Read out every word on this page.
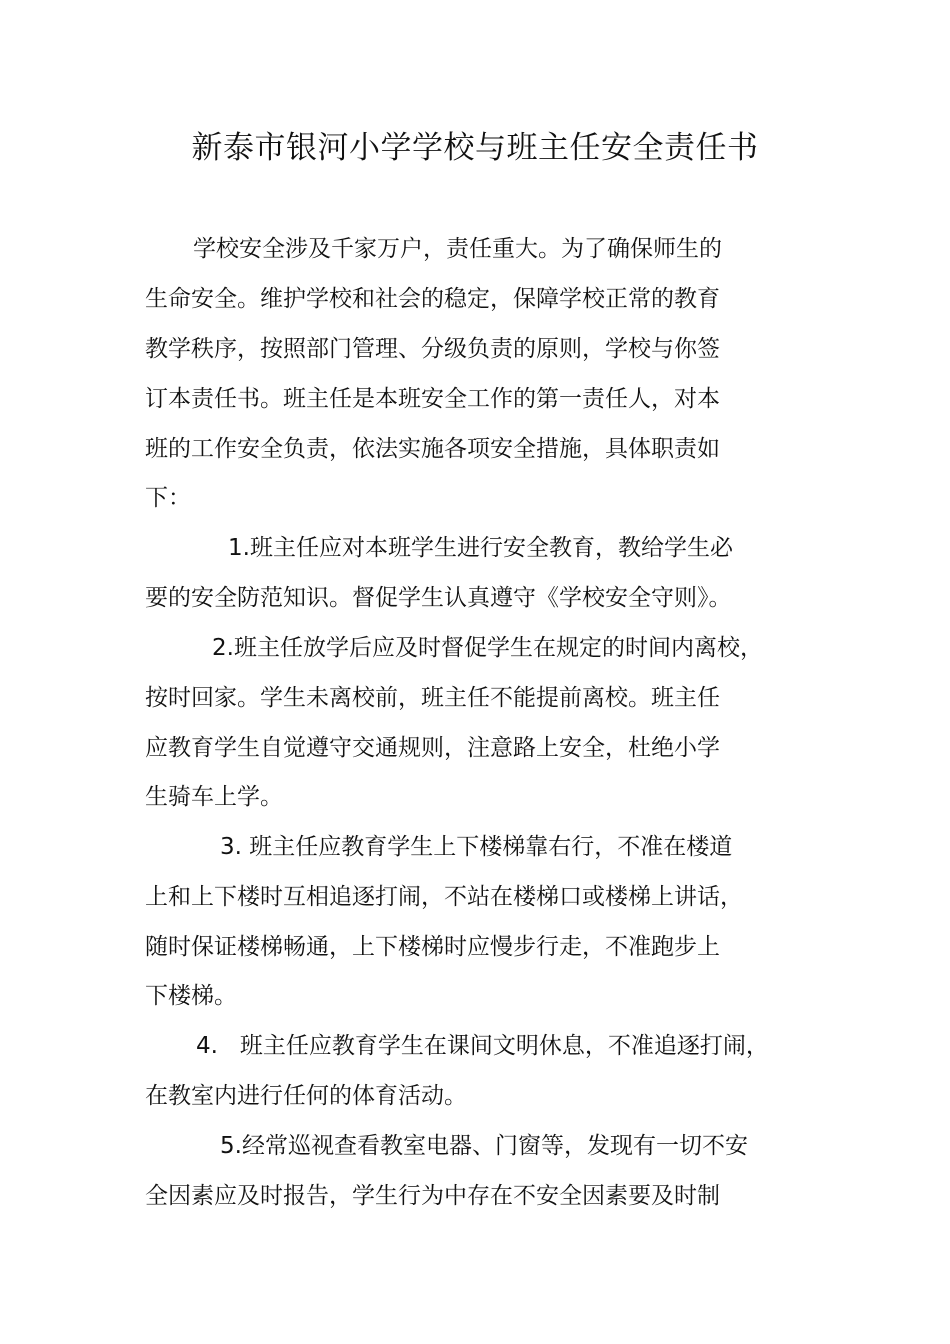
新泰市银河小学学校与班主任安全责任书

学校安全涉及千家万户，责任重大。为了确保师生的

生命安全。维护学校和社会的稳定，保障学校正常的教育

教学秩序，按照部门管理、分级负责的原则，学校与你签

订本责任书。班主任是本班安全工作的第一责任人，对本

班的工作安全负责，依法实施各项安全措施，具体职责如

下：

1.班主任应对本班学生进行安全教育，教给学生必

要的安全防范知识。督促学生认真遵守《学校安全守则》。

2.班主任放学后应及时督促学生在规定的时间内离校，

按时回家。学生未离校前，班主任不能提前离校。班主任

应教育学生自觉遵守交通规则，注意路上安全，杜绝小学

生骑车上学。

3. 班主任应教育学生上下楼梯靠右行，不准在楼道

上和上下楼时互相追逐打闹，不站在楼梯口或楼梯上讲话，

随时保证楼梯畅通，上下楼梯时应慢步行走，不准跑步上

下楼梯。

4.   班主任应教育学生在课间文明休息，不准追逐打闹，

在教室内进行任何的体育活动。

5.经常巡视查看教室电器、门窗等，发现有一切不安

全因素应及时报告，学生行为中存在不安全因素要及时制
